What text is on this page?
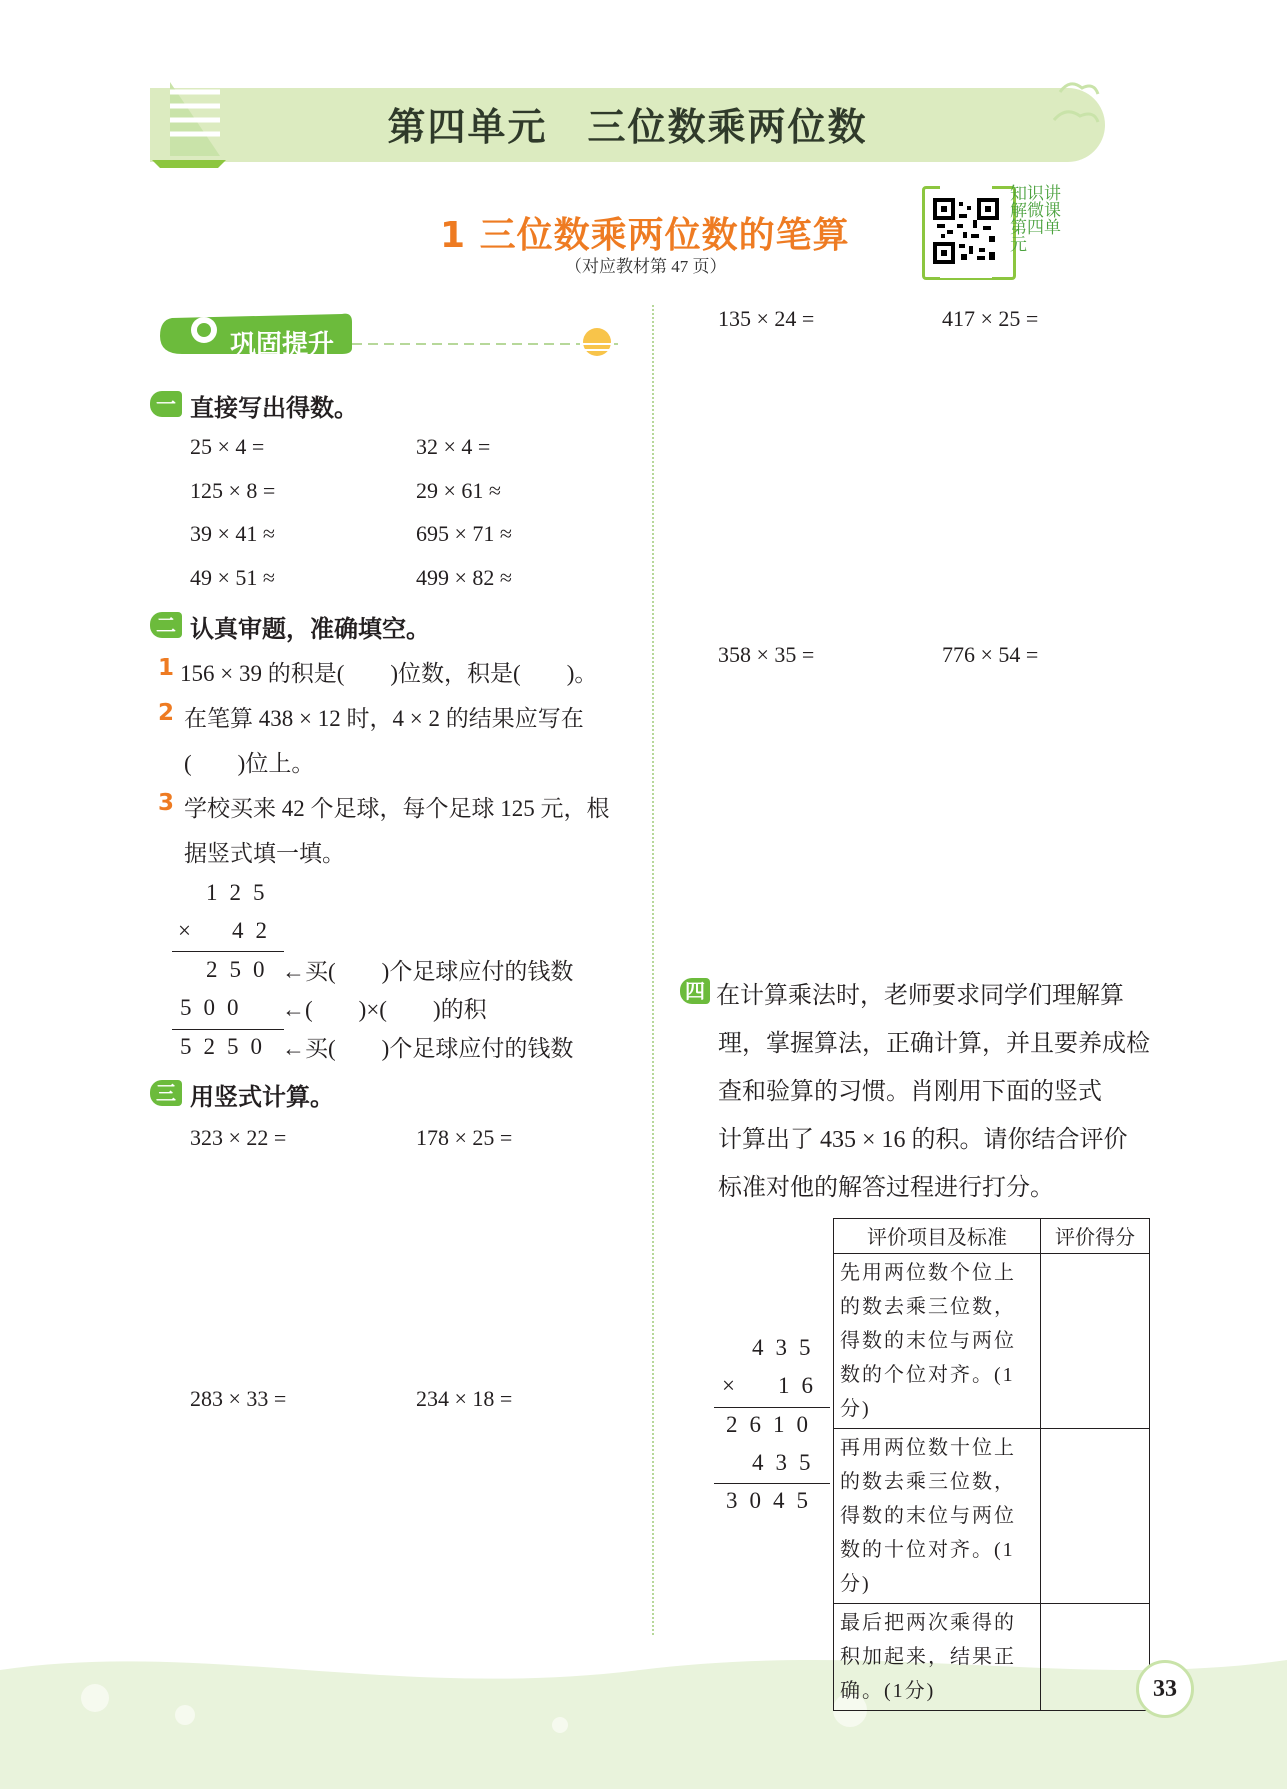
第四单元　三位数乘两位数
1 三位数乘两位数的笔算
（对应教材第 47 页）
知识讲解微课第四单元
巩固提升
一 直接写出得数。
25 × 4 =	32 × 4 =
125 × 8 =	29 × 61 ≈
39 × 41 ≈	695 × 71 ≈
49 × 51 ≈	499 × 82 ≈
二 认真审题，准确填空。
1 156 × 39 的积是(　　)位数，积是(　　)。
2 在笔算 438 × 12 时，4 × 2 的结果应写在
(　　)位上。
3 学校买来 42 个足球，每个足球 125 元，根
据竖式填一填。
125
× 42
250 ←买(　　)个足球应付的钱数
500 ←(　　)×(　　)的积
5250 ←买(　　)个足球应付的钱数
三 用竖式计算。
323 × 22 =	178 × 25 =
283 × 33 =	234 × 18 =
135 × 24 =	417 × 25 =
358 × 35 =	776 × 54 =
四 在计算乘法时，老师要求同学们理解算
理，掌握算法，正确计算，并且要养成检
查和验算的习惯。肖刚用下面的竖式
计算出了 435 × 16 的积。请你结合评价
标准对他的解答过程进行打分。
435
× 16
2610
435
3045
评价项目及标准	评价得分
先用两位数个位上的数去乘三位数，得数的末位与两位数的个位对齐。(1分)	
再用两位数十位上的数去乘三位数，得数的末位与两位数的十位对齐。(1分)	
最后把两次乘得的积加起来，结果正确。(1分)		33
